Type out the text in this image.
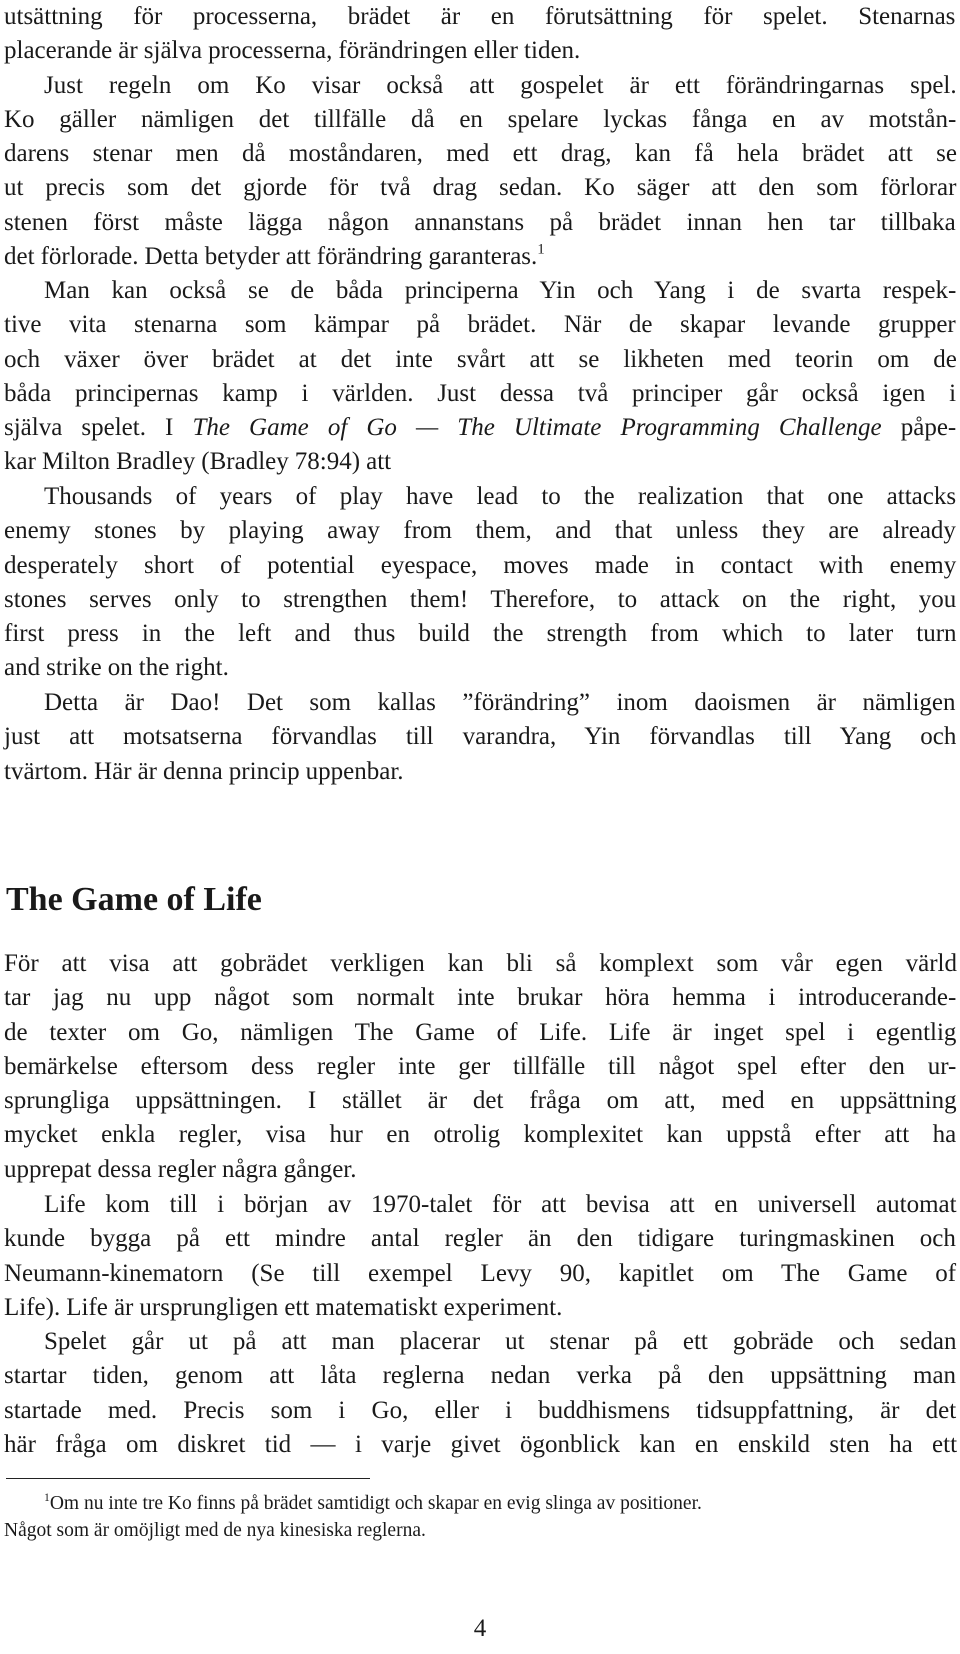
utsättning för processerna, brädet är en förutsättning för spelet. Stenarnas
placerande är själva processerna, förändringen eller tiden.
Just regeln om Ko visar också att gospelet är ett förändringarnas spel.
Ko gäller nämligen det tillfälle då en spelare lyckas fånga en av motstån-
darens stenar men då moståndaren, med ett drag, kan få hela brädet att se
ut precis som det gjorde för två drag sedan. Ko säger att den som förlorar
stenen först måste lägga någon annanstans på brädet innan hen tar tillbaka
det förlorade. Detta betyder att förändring garanteras.$^1$
Man kan också se de båda principerna Yin och Yang i de svarta respek-
tive vita stenarna som kämpar på brädet. När de skapar levande grupper
och växer över brädet at det inte svårt att se likheten med teorin om de
båda principernas kamp i världen. Just dessa två principer går också igen i
själva spelet. I The Game of Go — The Ultimate Programming Challenge påpe-
kar Milton Bradley (Bradley 78:94) att
Thousands of years of play have lead to the realization that one attacks
enemy stones by playing away from them, and that unless they are already
desperately short of potential eyespace, moves made in contact with enemy
stones serves only to strengthen them! Therefore, to attack on the right, you
first press in the left and thus build the strength from which to later turn
and strike on the right.
Detta är Dao! Det som kallas ”förändring” inom daoismen är nämligen
just att motsatserna förvandlas till varandra, Yin förvandlas till Yang och
tvärtom. Här är denna princip uppenbar.
The Game of Life
För att visa att gobrädet verkligen kan bli så komplext som vår egen värld
tar jag nu upp något som normalt inte brukar höra hemma i introducerande-
de texter om Go, nämligen The Game of Life. Life är inget spel i egentlig
bemärkelse eftersom dess regler inte ger tillfälle till något spel efter den ur-
sprungliga uppsättningen. I stället är det fråga om att, med en uppsättning
mycket enkla regler, visa hur en otrolig komplexitet kan uppstå efter att ha
upprepat dessa regler några gånger.
Life kom till i början av 1970-talet för att bevisa att en universell automat
kunde bygga på ett mindre antal regler än den tidigare turingmaskinen och
Neumann-kinematorn (Se till exempel Levy 90, kapitlet om The Game of
Life). Life är ursprungligen ett matematiskt experiment.
Spelet går ut på att man placerar ut stenar på ett gobräde och sedan
startar tiden, genom att låta reglerna nedan verka på den uppsättning man
startade med. Precis som i Go, eller i buddhismens tidsuppfattning, är det
här fråga om diskret tid — i varje givet ögonblick kan en enskild sten ha ett
$^1$Om nu inte tre Ko finns på brädet samtidigt och skapar en evig slinga av positioner.
Något som är omöjligt med de nya kinesiska reglerna.
4
